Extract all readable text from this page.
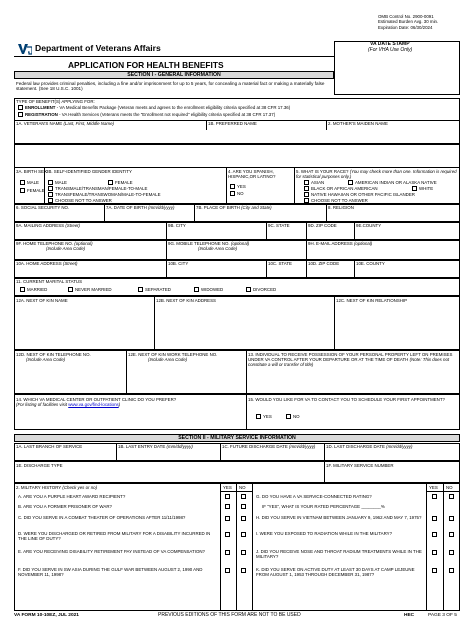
OMB Control No. 2900-0091
Estimated Burden Avg. 30 min.
Expiration Date: 06/30/2024
Department of Veterans Affairs	VA DATE STAMP
(For VHA Use Only)
APPLICATION FOR HEALTH BENEFITS
SECTION I - GENERAL INFORMATION
Federal law provides criminal penalties, including a fine and/or imprisonment for up to 5 years, for concealing a material fact or making a materially false statement. (See 18 U.S.C. 1001)
TYPE OF BENEFIT(S) APPLYING FOR:
ENROLLMENT - VA Medical Benefits Package (Veteran meets and agrees to the enrollment eligibility criteria specified at 38 CFR 17.36)
REGISTRATION - VA Health Services (Veterans meets the "Enrollment not required" eligibility criteria specified at 38 CFR 17.37)
1A. VETERAN'S NAME (Last, First, Middle Name)	1B. PREFERRED NAME	2. MOTHER'S MAIDEN NAME
3A. BIRTH SEX
MALE
FEMALE
3B. SELF-IDENTIFIED GENDER IDENTITY
MALE	FEMALE
TRANSMALE/TRANSMAN/FEMALE-TO-MALE
TRANSFEMALE/TRANSWOMAN/MALE-TO-FEMALE
CHOOSE NOT TO ANSWER
4. ARE YOU SPANISH, HISPANIC,OR LATINO?
YES
NO
5. WHAT IS YOUR RACE? (You may check more than one. Information is required for statistical purposes only.)
ASIAN	AMERICAN INDIAN OR ALASKA NATIVE
BLACK OR AFRICAN AMERICAN	WHITE
NATIVE HAWAIIAN OR OTHER PACIFIC ISLANDER
CHOOSE NOT TO ANSWER
6. SOCIAL SECURITY NO.	7A. DATE OF BIRTH (mm/dd/yyyy)	7B. PLACE OF BIRTH (City and State)	8. RELIGION
9A. MAILING ADDRESS (Street)	9B. CITY	9C. STATE	9D. ZIP CODE	9E.COUNTY
9F. HOME TELEPHONE NO. (optional)
(Include Area Code)
9G. MOBILE TELEPHONE NO. (optional)
(Include Area Code)
9H. E-MAIL ADDRESS (optional)
10A. HOME ADDRESS (Street)	10B. CITY	10C. STATE	10D. ZIP CODE	10E. COUNTY
11. CURRENT MARITAL STATUS
MARRIED	NEVER MARRIED	SEPARATED	WIDOWED	DIVORCED
12A. NEXT OF KIN NAME	12B. NEXT OF KIN ADDRESS	12C. NEXT OF KIN RELATIONSHIP
12D. NEXT OF KIN TELEPHONE NO.
(Include Area Code)
12E. NEXT OF KIN WORK TELEPHONE NO.
(Include Area Code)
13. INDIVIDUAL TO RECEIVE POSSESSION OF YOUR PERSONAL PROPERTY LEFT ON PREMISES UNDER VA CONTROL AFTER YOUR DEPARTURE OR AT THE TIME OF DEATH (Note: This does not constitute a will or transfer of title)
14. WHICH VA MEDICAL CENTER OR OUTPATIENT CLINIC DO YOU PREFER?
(For listing of facilities visit www.va.gov/find-locations)
15. WOULD YOU LIKE FOR VA TO CONTACT YOU TO SCHEDULE YOUR FIRST APPOINTMENT?
YES	NO
SECTION II - MILITARY SERVICE INFORMATION
1A. LAST BRANCH OF SERVICE	1B. LAST ENTRY DATE (mm/dd/yyyy)	1C. FUTURE DISCHARGE DATE (mm/dd/yyyy)	1D. LAST DISCHARGE DATE (mm/dd/yyyy)
1E. DISCHARGE TYPE	1F. MILITARY SERVICE NUMBER
2. MILITARY HISTORY (Check yes or no)	YES	NO	YES	NO
A. ARE YOU A PURPLE HEART AWARD RECIPIENT?
B. ARE YOU A FORMER PRISONER OF WAR?
C. DID YOU SERVE IN A COMBAT THEATER OF OPERATIONS AFTER 11/11/1998?
D. WERE YOU DISCHARGED OR RETIRED FROM MILITARY FOR A DISABILITY INCURRED IN THE LINE OF DUTY?
E. ARE YOU RECEIVING DISABILITY RETIREMENT PAY INSTEAD OF VA COMPENSATION?
F. DID YOU SERVE IN SW ASIA DURING THE GULF WAR BETWEEN AUGUST 2, 1990 AND NOVEMBER 11, 1998?
G. DO YOU HAVE A VA SERVICE-CONNECTED RATING?
IF "YES", WHAT IS YOUR RATED PERCENTAGE ________%
H. DID YOU SERVE IN VIETNAM BETWEEN JANUARY 9, 1962 AND MAY 7, 1975?
I. WERE YOU EXPOSED TO RADIATION WHILE IN THE MILITARY?
J. DID YOU RECEIVE NOSE AND THROAT RADIUM TREATMENTS WHILE IN THE MILITARY?
K. DID YOU SERVE ON ACTIVE DUTY AT LEAST 30 DAYS AT CAMP LEJEUNE FROM AUGUST 1, 1953 THROUGH DECEMBER 31, 1987?
VA FORM 10-10EZ, JUL 2021	PREVIOUS EDITIONS OF THIS FORM ARE NOT TO BE USED	HEC	PAGE 3 OF 5
